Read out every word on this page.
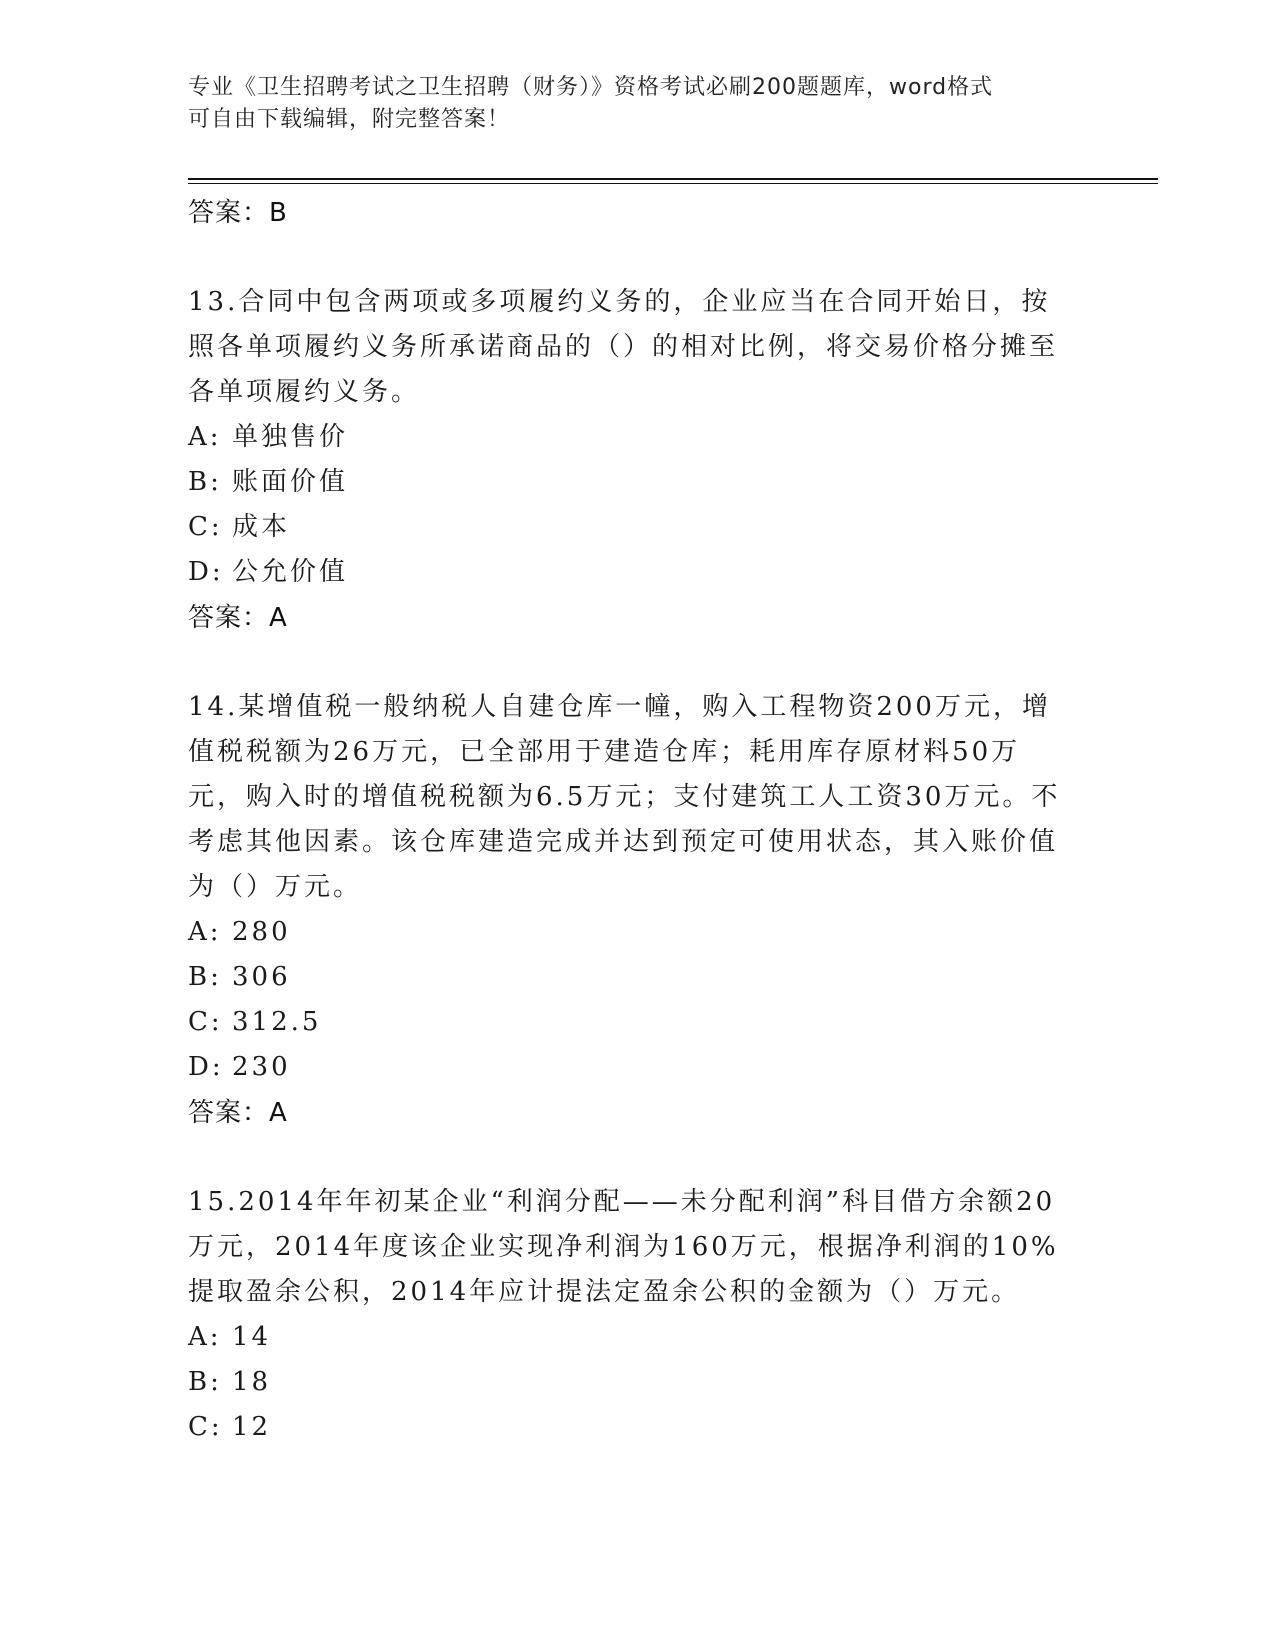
专业《卫生招聘考试之卫生招聘（财务）》资格考试必刷200题题库，word格式
可自由下载编辑，附完整答案！
答案：B
13.合同中包含两项或多项履约义务的，企业应当在合同开始日，按照各单项履约义务所承诺商品的（）的相对比例，将交易价格分摊至各单项履约义务。
A: 单独售价
B: 账面价值
C: 成本
D: 公允价值
答案：A
14.某增值税一般纳税人自建仓库一幢，购入工程物资200万元，增值税税额为26万元，已全部用于建造仓库；耗用库存原材料50万元，购入时的增值税税额为6.5万元；支付建筑工人工资30万元。不考虑其他因素。该仓库建造完成并达到预定可使用状态，其入账价值为（）万元。
A: 280
B: 306
C: 312.5
D: 230
答案：A
15.2014年年初某企业“利润分配——未分配利润”科目借方余额20万元，2014年度该企业实现净利润为160万元，根据净利润的10%提取盈余公积，2014年应计提法定盈余公积的金额为（）万元。
A: 14
B: 18
C: 12
